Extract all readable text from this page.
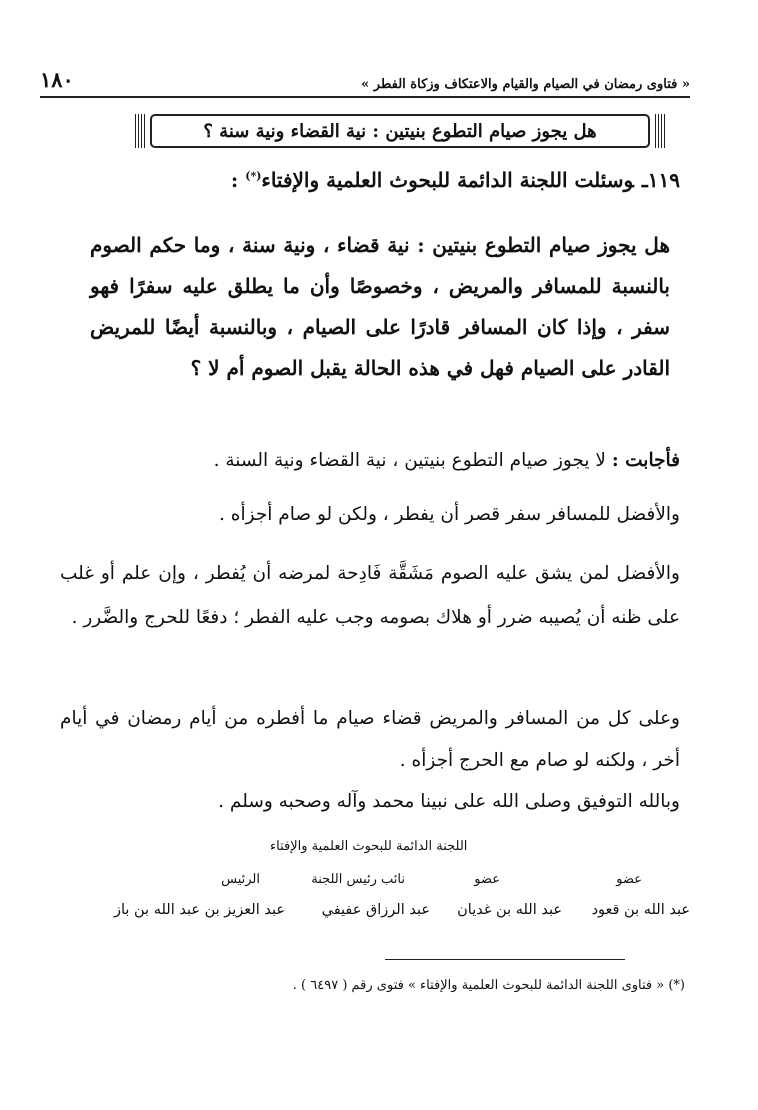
« فتاوى رمضان في الصيام والقيام والاعتكاف وزكاة الفطر »
١٨٠
هل يجوز صيام التطوع بنيتين : نية القضاء ونية سنة ؟
١١٩ـوسئلت اللجنة الدائمة للبحوث العلمية والإفتاء(*) :
هل يجوز صيام التطوع بنيتين : نية قضاء ، ونية سنة ، وما حكم الصوم بالنسبة للمسافر والمريض ، وخصوصًا وأن ما يطلق عليه سفرًا فهو سفر ، وإذا كان المسافر قادرًا على الصيام ، وبالنسبة أيضًا للمريض القادر على الصيام فهل في هذه الحالة يقبل الصوم أم لا ؟
فأجابت : لا يجوز صيام التطوع بنيتين ، نية القضاء ونية السنة .
والأفضل للمسافر سفر قصر أن يفطر ، ولكن لو صام أجزأه .
والأفضل لمن يشق عليه الصوم مَشَقَّة فَادِحة لمرضه أن يُفطر ، وإن علم أو غلب على ظنه أن يُصيبه ضرر أو هلاك بصومه وجب عليه الفطر ؛ دفعًا للحرج والضَّرر .
وعلى كل من المسافر والمريض قضاء صيام ما أفطره من أيام رمضان في أيام أخر ، ولكنه لو صام مع الحرج أجزأه .
وبالله التوفيق وصلى الله على نبينا محمد وآله وصحبه وسلم .
اللجنة الدائمة للبحوث العلمية والإفتاء
عضو
عضو
نائب رئيس اللجنة
الرئيس
عبد الله بن قعود
عبد الله بن غديان
عبد الرزاق عفيفي
عبد العزيز بن عبد الله بن باز
(*) « فتاوى اللجنة الدائمة للبحوث العلمية والإفتاء » فتوى رقم ( ٦٤٩٧ ) .
